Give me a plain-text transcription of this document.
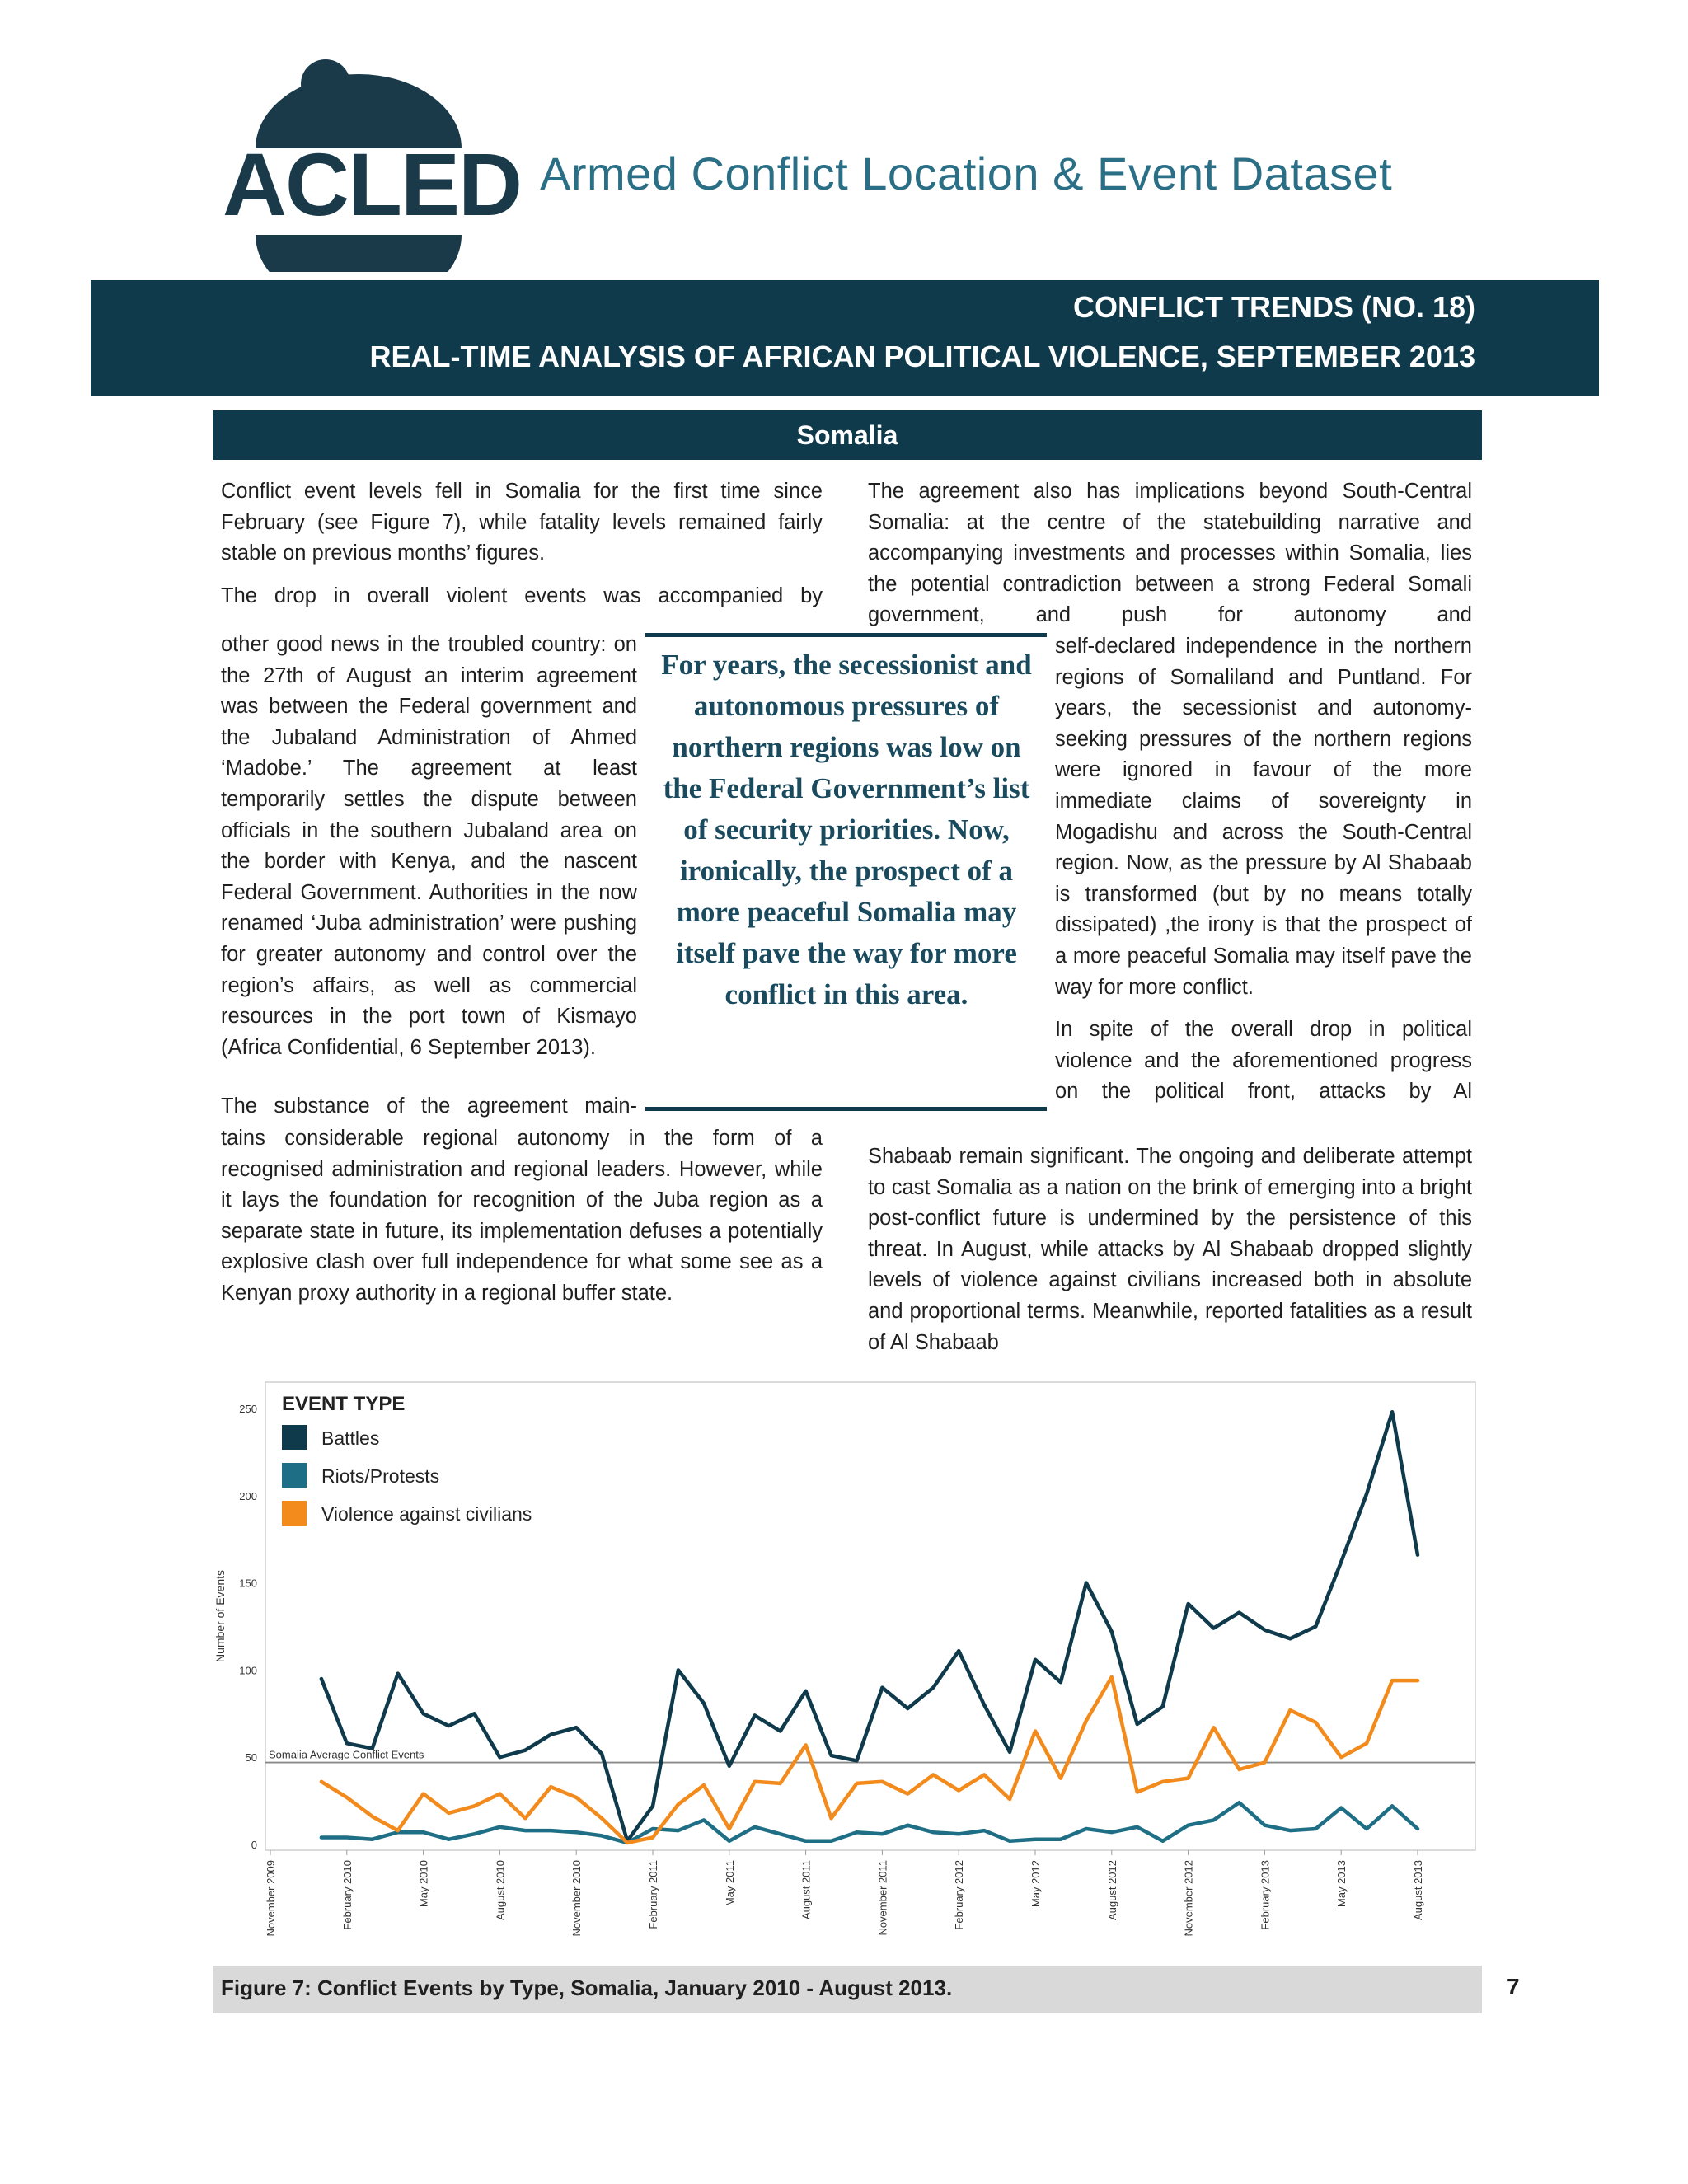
ACLED Armed Conflict Location & Event Dataset
CONFLICT TRENDS (NO. 18)
REAL-TIME ANALYSIS OF AFRICAN POLITICAL VIOLENCE, SEPTEMBER 2013
Somalia

Conflict event levels fell in Somalia for the first time since February (see Figure 7), while fatality levels remained fairly stable on previous months’ figures.

The drop in overall violent events was accompanied by

other good news in the troubled country: on the 27th of August an interim agreement was between the Federal government and the Jubaland Administration of Ahmed ‘Madobe.’ The agreement at least temporarily settles the dispute between officials in the southern Jubaland area on the border with Kenya, and the nascent Federal Government. Authorities in the now renamed ‘Juba administration’ were pushing for greater autonomy and control over the region’s affairs, as well as commercial resources in the port town of Kismayo (Africa Confidential, 6 September 2013).

The substance of the agreement main-

tains considerable regional autonomy in the form of a recognised administration and regional leaders. However, while it lays the foundation for recognition of the Juba region as a separate state in future, its implementation defuses a potentially explosive clash over full independence for what some see as a Kenyan proxy authority in a regional buffer state.

The agreement also has implications beyond South-Central Somalia: at the centre of the statebuilding narrative and accompanying investments and processes within Somalia, lies the potential contradiction between a strong Federal Somali government, and push for autonomy and

self-declared independence in the northern regions of Somaliland and Puntland. For years, the secessionist and autonomy-seeking pressures of the northern regions were ignored in favour of the more immediate claims of sovereignty in Mogadishu and across the South-Central region. Now, as the pressure by Al Shabaab is transformed (but by no means totally dissipated) ,the irony is that the prospect of a more peaceful Somalia may itself pave the way for more conflict.

In spite of the overall drop in political violence and the aforementioned progress on the political front, attacks by Al

Shabaab remain significant. The ongoing and deliberate attempt to cast Somalia as a nation on the brink of emerging into a bright post-conflict future is undermined by the persistence of this threat. In August, while attacks by Al Shabaab dropped slightly levels of violence against civilians increased both in absolute and proportional terms. Meanwhile, reported fatalities as a result of Al Shabaab

For years, the secessionist and autonomous pressures of northern regions was low on the Federal Government’s list of security priorities. Now, ironically, the prospect of a more peaceful Somalia may itself pave the way for more conflict in this area.
0
50
100
150
200
250
Number of Events
November 2009	February 2010	May 2010	August 2010	November 2010	February 2011	May 2011	August 2011	November 2011	February 2012	May 2012	August 2012	November 2012	February 2013	May 2013	August 2013
Somalia Average Conflict Events
EVENT TYPE
Battles
Riots/Protests
Violence against civilians
Figure 7: Conflict Events by Type, Somalia, January 2010 - August 2013.	7
